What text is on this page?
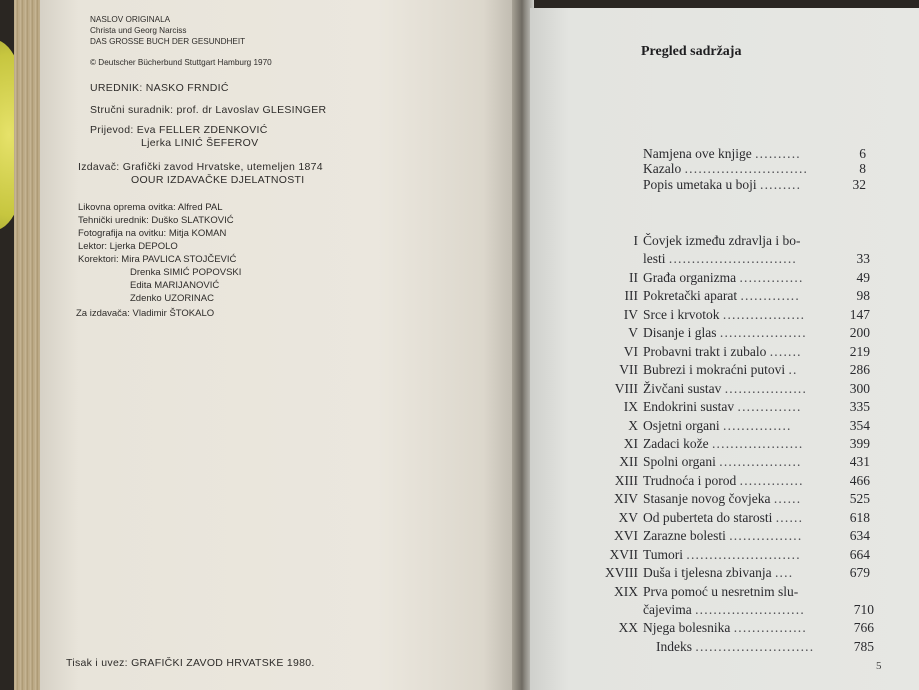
NASLOV ORIGINALA
Christa und Georg Narciss
DAS GROSSE BUCH DER GESUNDHEIT
© Deutscher Bücherbund Stuttgart Hamburg 1970
UREDNIK: NASKO FRNDIĆ
Stručni suradnik: prof. dr Lavoslav GLESINGER
Prijevod: Eva FELLER ZDENKOVIĆ
Ljerka LINIĆ ŠEFEROV
Izdavač: Grafički zavod Hrvatske, utemeljen 1874
OOUR IZDAVAČKE DJELATNOSTI
Likovna oprema ovitka: Alfred PAL
Tehnički urednik: Duško SLATKOVIĆ
Fotografija na ovitku: Mitja KOMAN
Lektor: Ljerka DEPOLO
Korektori: Mira PAVLICA STOJČEVIĆ
Drenka SIMIĆ POPOVSKI
Edita MARIJANOVIĆ
Zdenko UZORINAC
Za izdavača: Vladimir ŠTOKALO
Tisak i uvez: GRAFIČKI ZAVOD HRVATSKE 1980.
Pregled sadržaja
Namjena ove knjige ..........	6
Kazalo ...........................	8
Popis umetaka u boji .........	32
I Čovjek između zdravlja i bo-
lesti ............................	33
II Građa organizma ..............	49
III Pokretački aparat .............	98
IV Srce i krvotok ..................	147
V Disanje i glas ...................	200
VI Probavni trakt i zubalo .......	219
VII Bubrezi i mokraćni putovi ..	286
VIII Živčani sustav ..................	300
IX Endokrini sustav ..............	335
X Osjetni organi ...............	354
XI Zadaci kože ....................	399
XII Spolni organi ..................	431
XIII Trudnoća i porod ..............	466
XIV Stasanje novog čovjeka ......	525
XV Od puberteta do starosti ......	618
XVI Zarazne bolesti ................	634
XVII Tumori .........................	664
XVIII Duša i tjelesna zbivanja ....	679
XIX Prva pomoć u nesretnim slu-
čajevima ........................	710
XX Njega bolesnika ................	766
Indeks ..........................	785
5
